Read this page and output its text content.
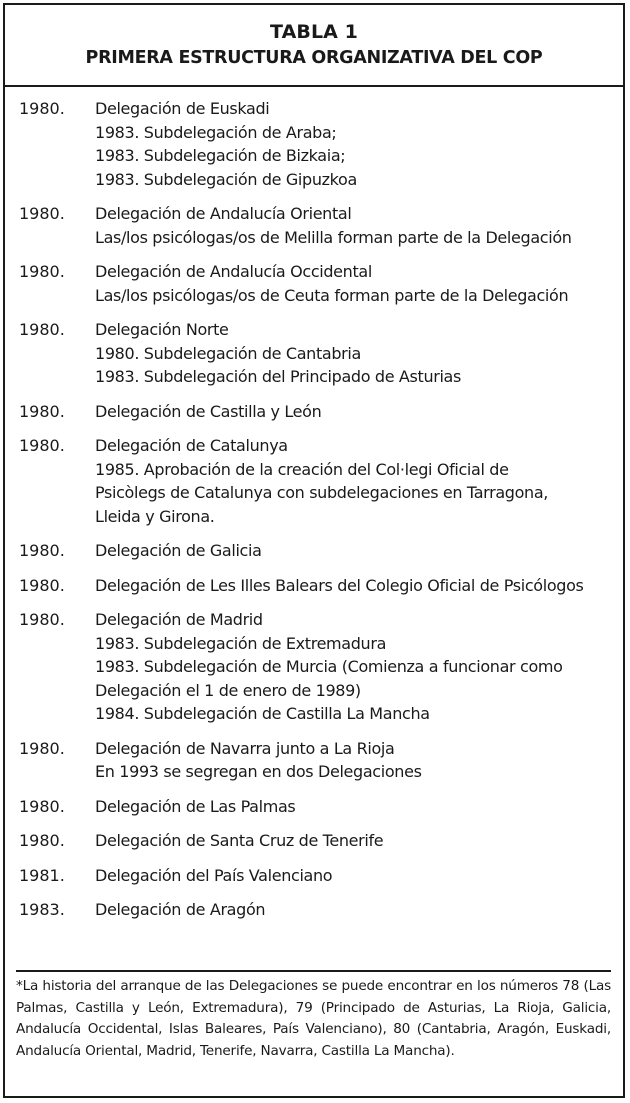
TABLA 1
PRIMERA ESTRUCTURA ORGANIZATIVA DEL COP
1980.	Delegación de Euskadi
1983. Subdelegación de Araba;
1983. Subdelegación de Bizkaia;
1983. Subdelegación de Gipuzkoa
1980.	Delegación de Andalucía Oriental
Las/los psicólogas/os de Melilla forman parte de la Delegación
1980.	Delegación de Andalucía Occidental
Las/los psicólogas/os de Ceuta forman parte de la Delegación
1980.	Delegación Norte
1980. Subdelegación de Cantabria
1983. Subdelegación del Principado de Asturias
1980.	Delegación de Castilla y León
1980.	Delegación de Catalunya
1985. Aprobación de la creación del Col·legi Oficial de
Psicòlegs de Catalunya con subdelegaciones en Tarragona,
Lleida y Girona.
1980.	Delegación de Galicia
1980.	Delegación de Les Illes Balears del Colegio Oficial de Psicólogos
1980.	Delegación de Madrid
1983. Subdelegación de Extremadura
1983. Subdelegación de Murcia (Comienza a funcionar como
Delegación el 1 de enero de 1989)
1984. Subdelegación de Castilla La Mancha
1980.	Delegación de Navarra junto a La Rioja
En 1993 se segregan en dos Delegaciones
1980.	Delegación de Las Palmas
1980.	Delegación de Santa Cruz de Tenerife
1981.	Delegación del País Valenciano
1983.	Delegación de Aragón
*La historia del arranque de las Delegaciones se puede encontrar en los números 78 (Las Palmas, Castilla y León, Extremadura), 79 (Principado de Asturias, La Rioja, Galicia, Andalucía Occidental, Islas Baleares, País Valenciano), 80 (Cantabria, Aragón, Euskadi, Andalucía Oriental, Madrid, Tenerife, Navarra, Castilla La Mancha).
